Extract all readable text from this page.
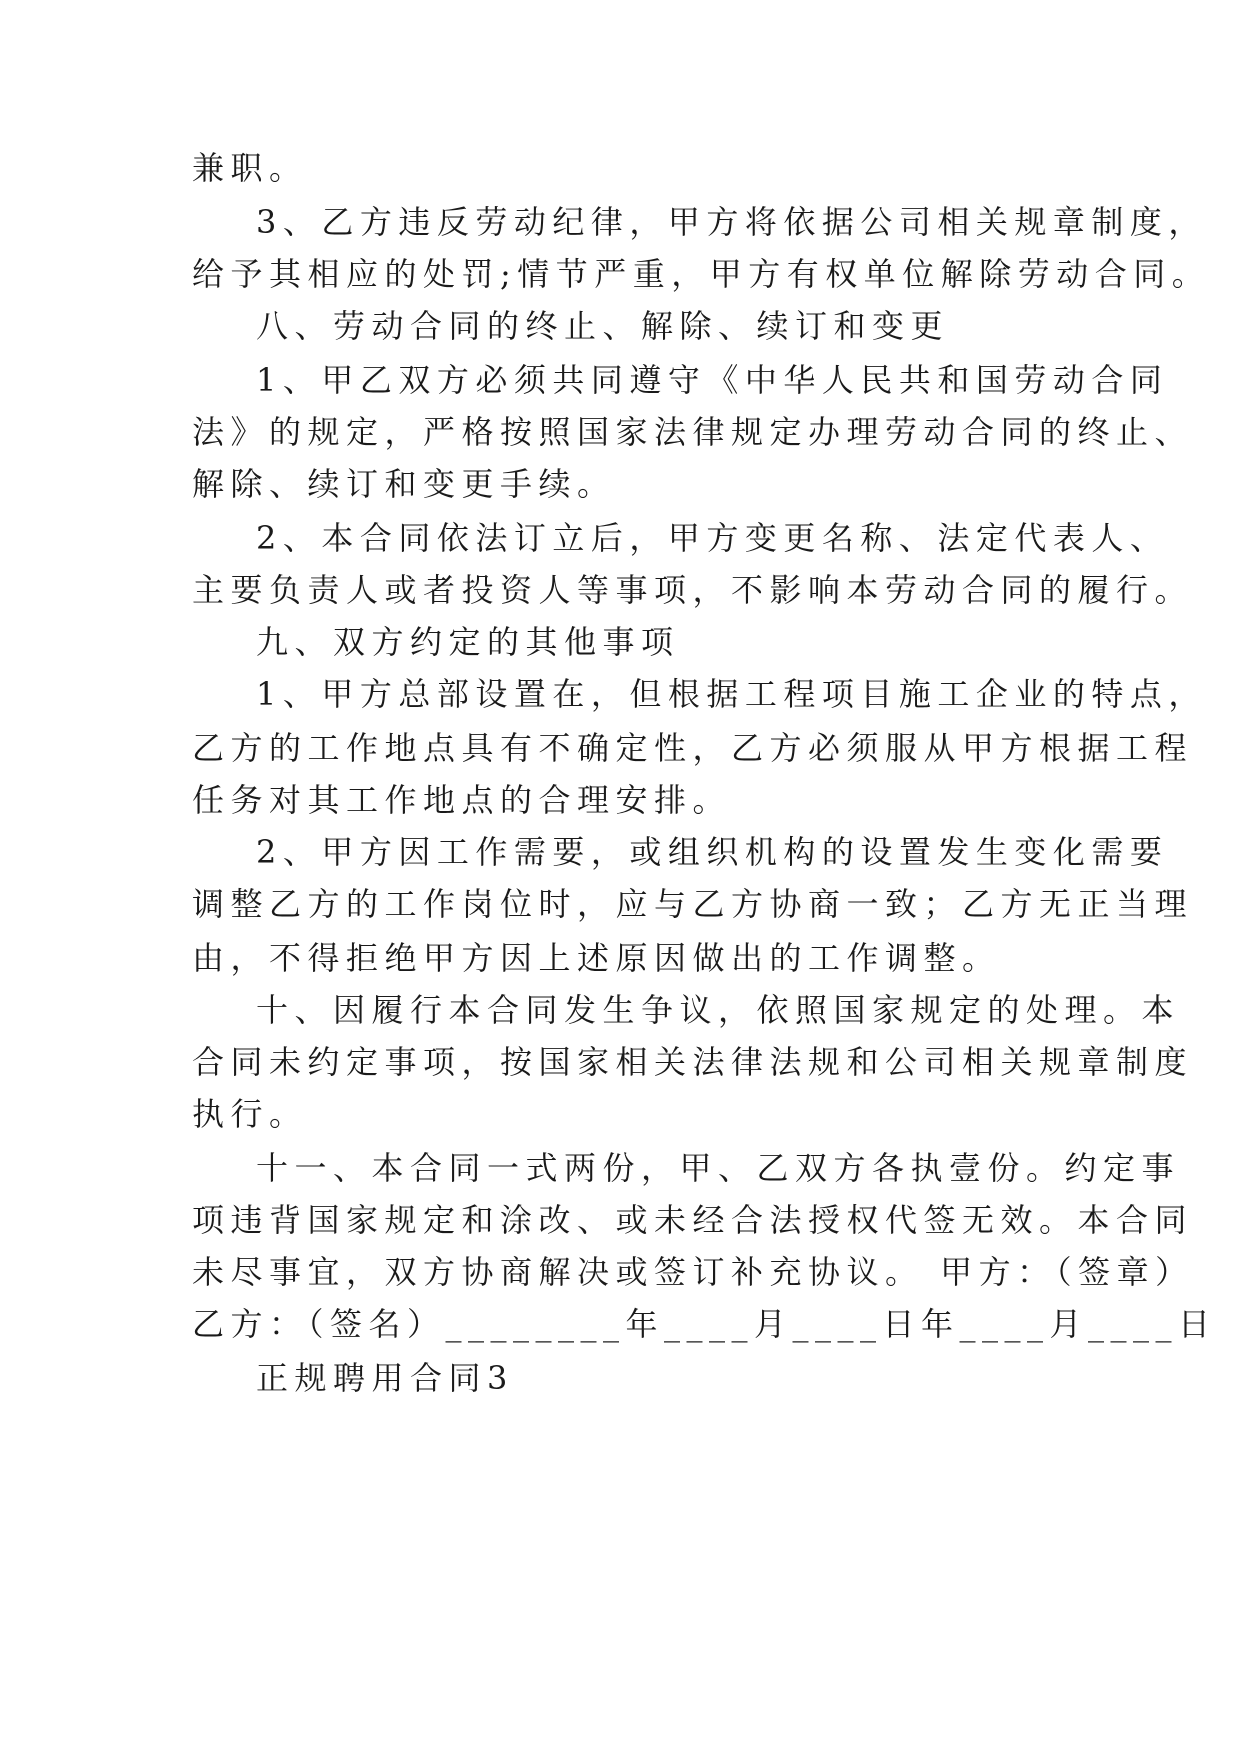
兼职。
3、乙方违反劳动纪律，甲方将依据公司相关规章制度，
给予其相应的处罚;情节严重，甲方有权单位解除劳动合同。
八、劳动合同的终止、解除、续订和变更
1、甲乙双方必须共同遵守《中华人民共和国劳动合同
法》的规定，严格按照国家法律规定办理劳动合同的终止、
解除、续订和变更手续。
2、本合同依法订立后，甲方变更名称、法定代表人、
主要负责人或者投资人等事项，不影响本劳动合同的履行。
九、双方约定的其他事项
1、甲方总部设置在，但根据工程项目施工企业的特点，
乙方的工作地点具有不确定性，乙方必须服从甲方根据工程
任务对其工作地点的合理安排。
2、甲方因工作需要，或组织机构的设置发生变化需要
调整乙方的工作岗位时，应与乙方协商一致；乙方无正当理
由，不得拒绝甲方因上述原因做出的工作调整。
十、因履行本合同发生争议，依照国家规定的处理。本
合同未约定事项，按国家相关法律法规和公司相关规章制度
执行。
十一、本合同一式两份，甲、乙双方各执壹份。约定事
项违背国家规定和涂改、或未经合法授权代签无效。本合同
未尽事宜，双方协商解决或签订补充协议。 甲方：（签章）
乙方：（签名）________年____月____日年____月____日
正规聘用合同3
